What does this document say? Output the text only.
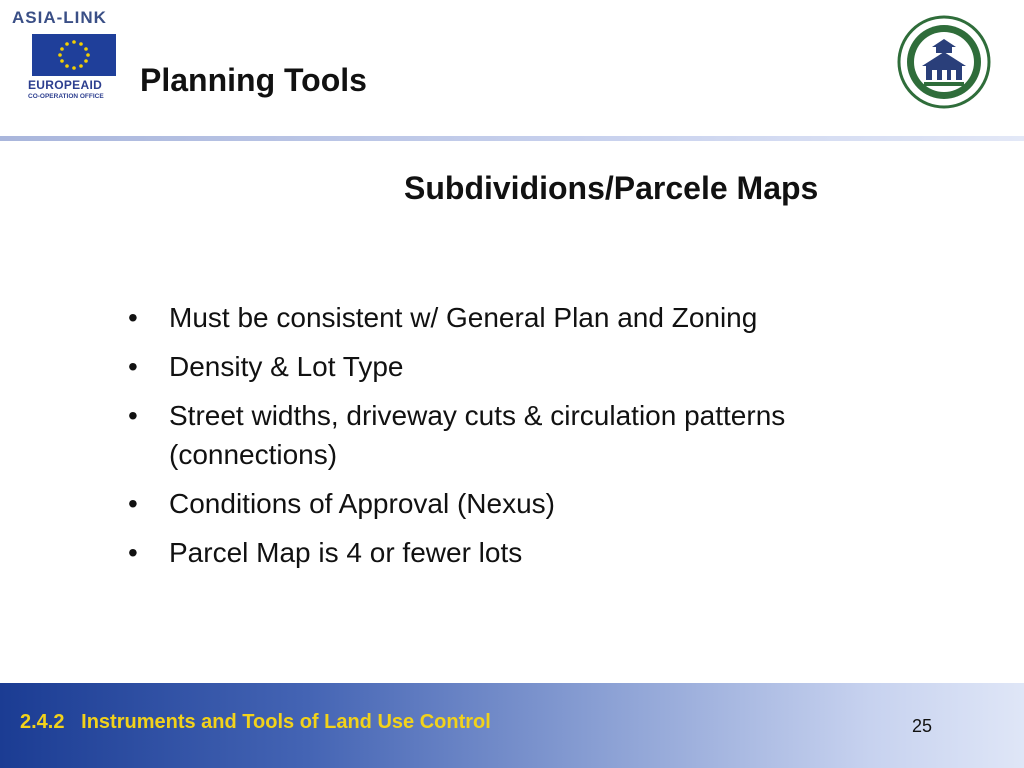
ASIA-LINK
EUROPEAID
CO-OPERATION OFFICE	Planning Tools
Subdividions/Parcele Maps
•	Must be consistent w/ General Plan and Zoning
•	Density & Lot Type
•	Street widths, driveway cuts & circulation patterns (connections)
•	Conditions of Approval (Nexus)
•	Parcel Map is 4 or fewer lots
2.4.2   Instruments and Tools of Land Use Control	25
